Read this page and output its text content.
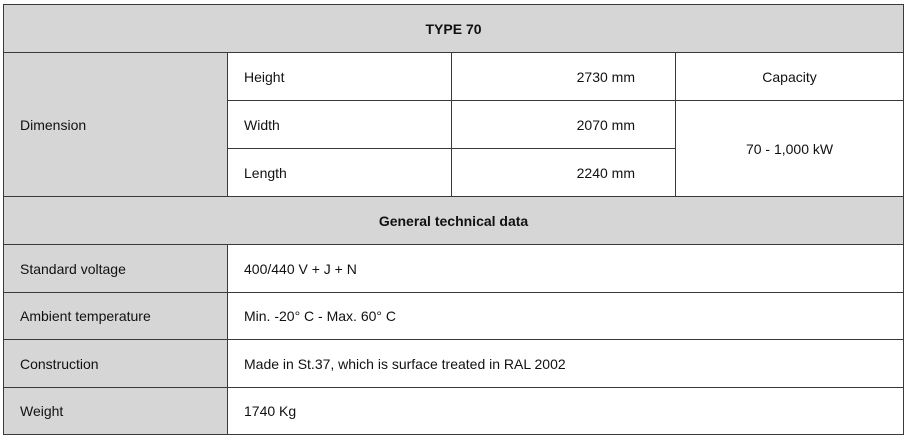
TYPE 70			
Dimension	Height	2730 mm	Capacity
	Width	2070 mm	70 - 1,000 kW
	Length	2240 mm	
General technical data			
Standard voltage	400/440 V + J + N		
Ambient temperature	Min. -20° C - Max. 60° C		
Construction	Made in St.37, which is surface treated in RAL 2002		
Weight	1740 Kg		
